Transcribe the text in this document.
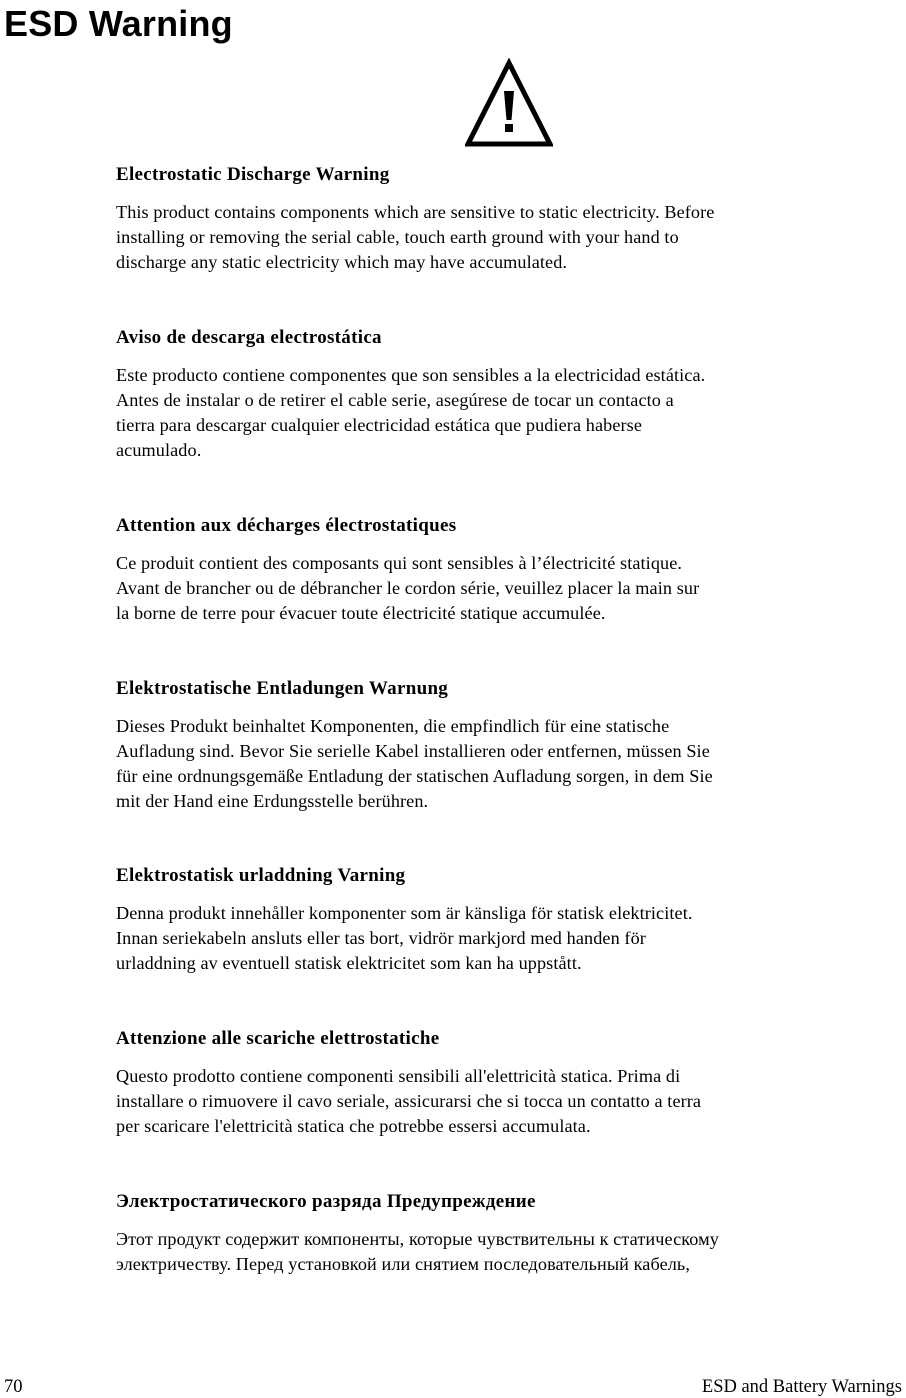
ESD Warning
Electrostatic Discharge Warning

This product contains components which are sensitive to static electricity. Before
installing or removing the serial cable, touch earth ground with your hand to
discharge any static electricity which may have accumulated.

Aviso de descarga electrostática

Este producto contiene componentes que son sensibles a la electricidad estática.
Antes de instalar o de retirer el cable serie, asegúrese de tocar un contacto a
tierra para descargar cualquier electricidad estática que pudiera haberse
acumulado.

Attention aux décharges électrostatiques

Ce produit contient des composants qui sont sensibles à l’électricité statique.
Avant de brancher ou de débrancher le cordon série, veuillez placer la main sur
la borne de terre pour évacuer toute électricité statique accumulée.

Elektrostatische Entladungen Warnung

Dieses Produkt beinhaltet Komponenten, die empfindlich für eine statische
Aufladung sind. Bevor Sie serielle Kabel installieren oder entfernen, müssen Sie
für eine ordnungsgemäße Entladung der statischen Aufladung sorgen, in dem Sie
mit der Hand eine Erdungsstelle berühren.

Elektrostatisk urladdning Varning

Denna produkt innehåller komponenter som är känsliga för statisk elektricitet.
Innan seriekabeln ansluts eller tas bort, vidrör markjord med handen för
urladdning av eventuell statisk elektricitet som kan ha uppstått.

Attenzione alle scariche elettrostatiche

Questo prodotto contiene componenti sensibili all'elettricità statica. Prima di
installare o rimuovere il cavo seriale, assicurarsi che si tocca un contatto a terra
per scaricare l'elettricità statica che potrebbe essersi accumulata.

Электростатического разряда Предупреждение

Этот продукт содержит компоненты, которые чувствительны к статическому
электричеству. Перед установкой или снятием последовательный кабель,

70	ESD and Battery Warnings
